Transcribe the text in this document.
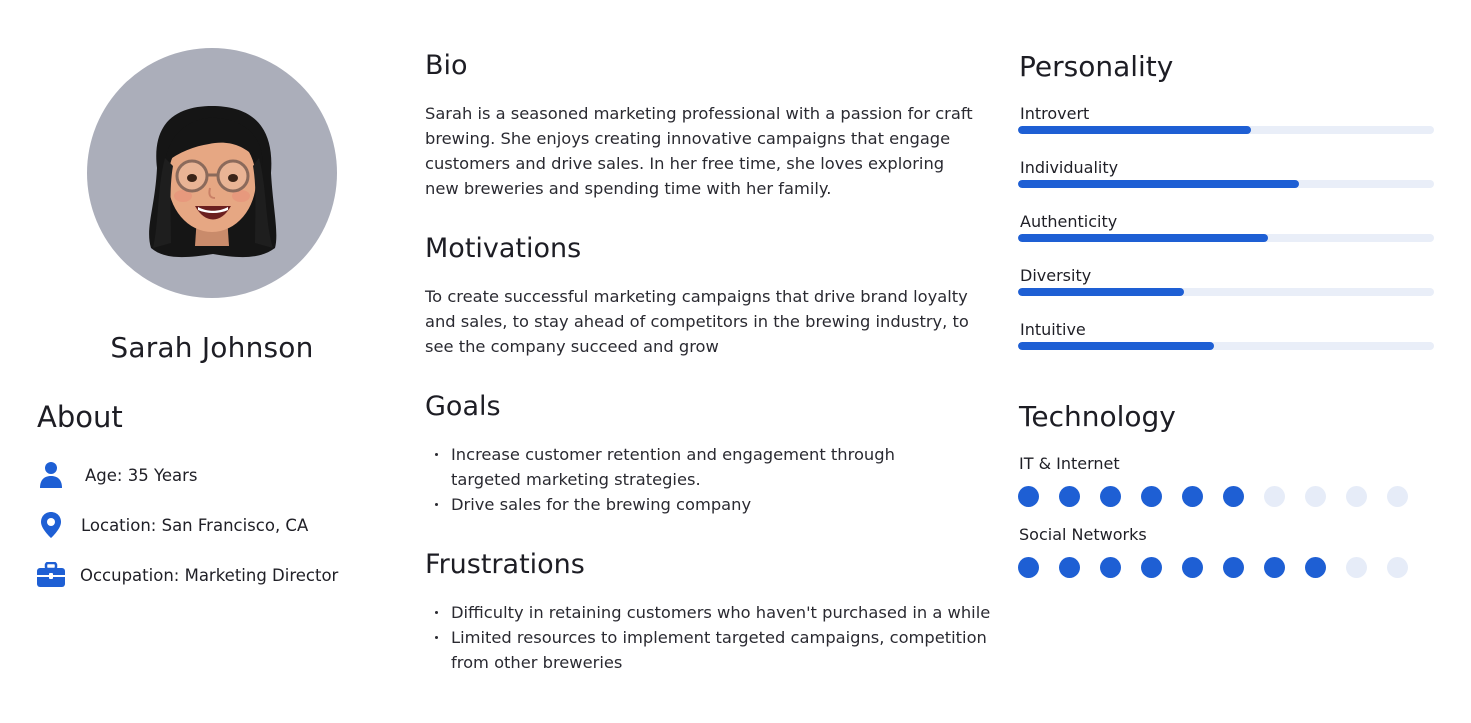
Sarah Johnson
About
Age: 35 Years
Location: San Francisco, CA
Occupation: Marketing Director
Bio
Sarah is a seasoned marketing professional with a passion for craft brewing. She enjoys creating innovative campaigns that engage customers and drive sales. In her free time, she loves exploring new breweries and spending time with her family.
Motivations
To create successful marketing campaigns that drive brand loyalty and sales, to stay ahead of competitors in the brewing industry, to see the company succeed and grow
Goals
Increase customer retention and engagement through targeted marketing strategies.
Drive sales for the brewing company
Frustrations
Difficulty in retaining customers who haven't purchased in a while
Limited resources to implement targeted campaigns, competition from other breweries
Personality
Introvert
Individuality
Authenticity
Diversity
Intuitive
Technology
IT & Internet
Social Networks
